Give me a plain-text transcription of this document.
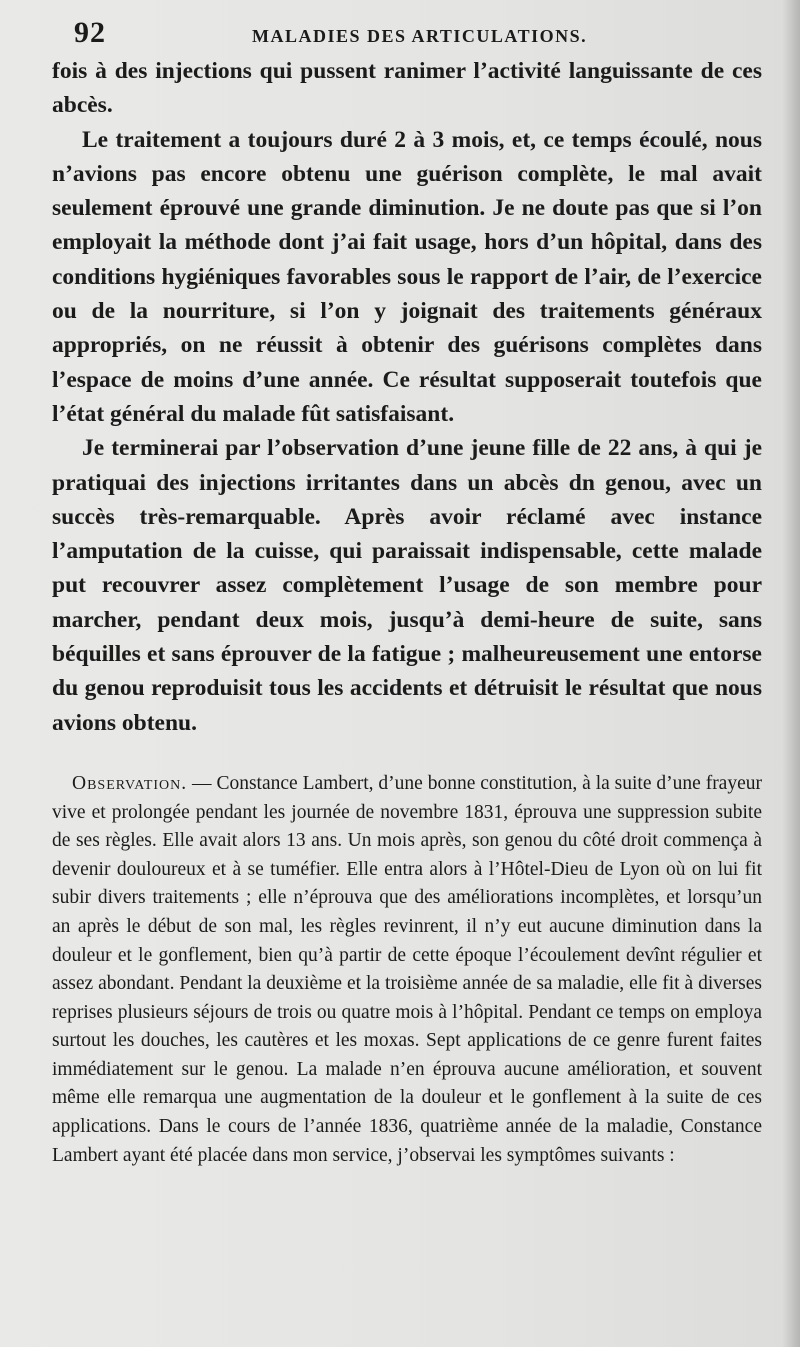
92	MALADIES DES ARTICULATIONS.

fois à des injections qui pussent ranimer l’activité languissante de ces abcès.

Le traitement a toujours duré 2 à 3 mois, et, ce temps écoulé, nous n’avions pas encore obtenu une guérison complète, le mal avait seulement éprouvé une grande diminution. Je ne doute pas que si l’on employait la méthode dont j’ai fait usage, hors d’un hôpital, dans des conditions hygiéniques favorables sous le rapport de l’air, de l’exercice ou de la nourriture, si l’on y joignait des traitements généraux appropriés, on ne réussit à obtenir des guérisons complètes dans l’espace de moins d’une année. Ce résultat supposerait toutefois que l’état général du malade fût satisfaisant.

Je terminerai par l’observation d’une jeune fille de 22 ans, à qui je pratiquai des injections irritantes dans un abcès dn genou, avec un succès très-remarquable. Après avoir réclamé avec instance l’amputation de la cuisse, qui paraissait indispensable, cette malade put recouvrer assez complètement l’usage de son membre pour marcher, pendant deux mois, jusqu’à demi-heure de suite, sans béquilles et sans éprouver de la fatigue ; malheureusement une entorse du genou reproduisit tous les accidents et détruisit le résultat que nous avions obtenu.

Observation. — Constance Lambert, d’une bonne constitution, à la suite d’une frayeur vive et prolongée pendant les journée de novembre 1831, éprouva une suppression subite de ses règles. Elle avait alors 13 ans. Un mois après, son genou du côté droit commença à devenir douloureux et à se tuméfier. Elle entra alors à l’Hôtel-Dieu de Lyon où on lui fit subir divers traitements ; elle n’éprouva que des améliorations incomplètes, et lorsqu’un an après le début de son mal, les règles revinrent, il n’y eut aucune diminution dans la douleur et le gonflement, bien qu’à partir de cette époque l’écoulement devînt régulier et assez abondant. Pendant la deuxième et la troisième année de sa maladie, elle fit à diverses reprises plusieurs séjours de trois ou quatre mois à l’hôpital. Pendant ce temps on employa surtout les douches, les cautères et les moxas. Sept applications de ce genre furent faites immédiatement sur le genou. La malade n’en éprouva aucune amélioration, et souvent même elle remarqua une augmentation de la douleur et le gonflement à la suite de ces applications. Dans le cours de l’année 1836, quatrième année de la maladie, Constance Lambert ayant été placée dans mon service, j’observai les symptômes suivants :
